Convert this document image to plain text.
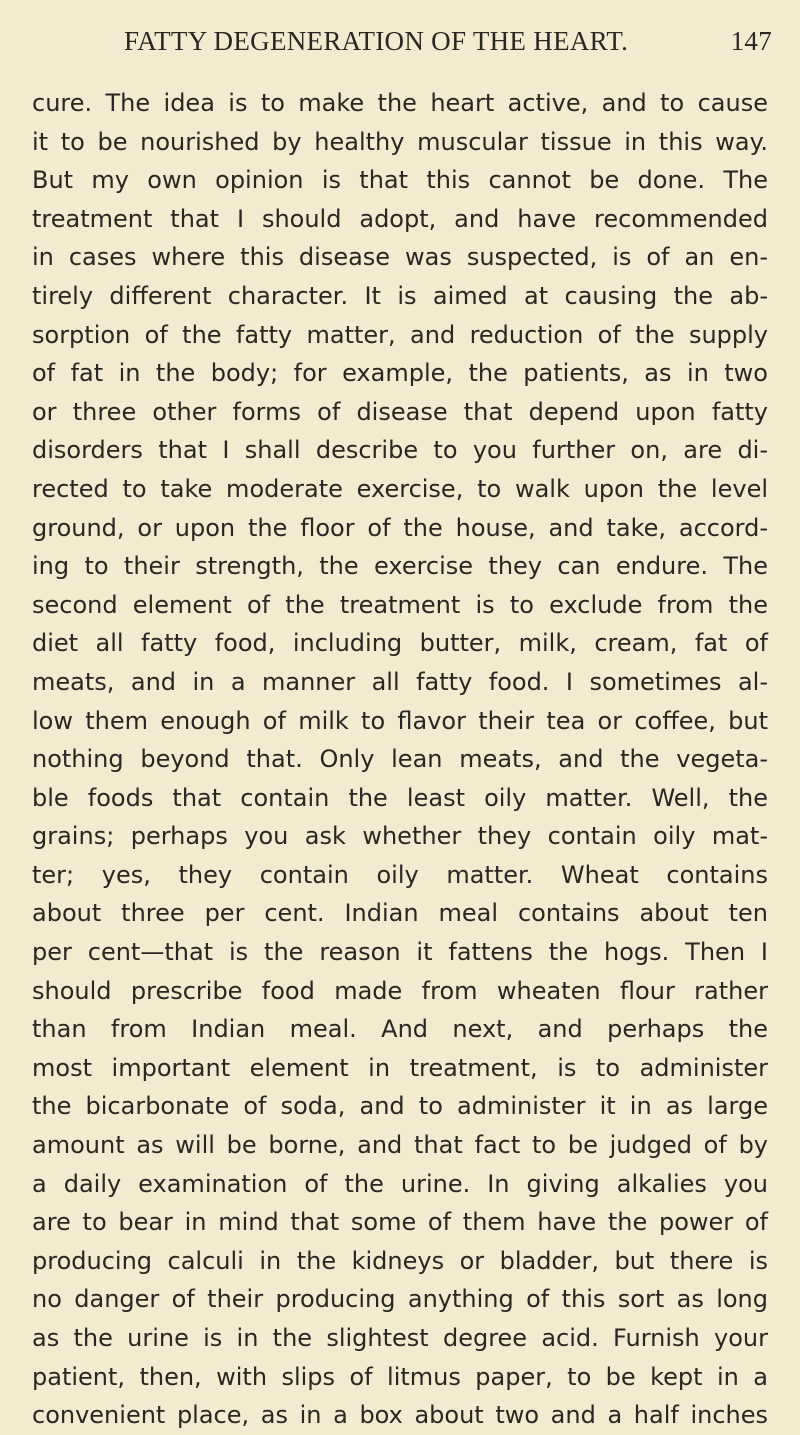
FATTY DEGENERATION OF THE HEART.	147
cure. The idea is to make the heart active, and to cause
it to be nourished by healthy muscular tissue in this way.
But my own opinion is that this cannot be done. The
treatment that I should adopt, and have recommended
in cases where this disease was suspected, is of an en-
tirely different character. It is aimed at causing the ab-
sorption of the fatty matter, and reduction of the supply
of fat in the body; for example, the patients, as in two
or three other forms of disease that depend upon fatty
disorders that I shall describe to you further on, are di-
rected to take moderate exercise, to walk upon the level
ground, or upon the floor of the house, and take, accord-
ing to their strength, the exercise they can endure. The
second element of the treatment is to exclude from the
diet all fatty food, including butter, milk, cream, fat of
meats, and in a manner all fatty food. I sometimes al-
low them enough of milk to flavor their tea or coffee, but
nothing beyond that. Only lean meats, and the vegeta-
ble foods that contain the least oily matter. Well, the
grains; perhaps you ask whether they contain oily mat-
ter; yes, they contain oily matter. Wheat contains
about three per cent. Indian meal contains about ten
per cent—that is the reason it fattens the hogs. Then I
should prescribe food made from wheaten flour rather
than from Indian meal. And next, and perhaps the
most important element in treatment, is to administer
the bicarbonate of soda, and to administer it in as large
amount as will be borne, and that fact to be judged of by
a daily examination of the urine. In giving alkalies you
are to bear in mind that some of them have the power of
producing calculi in the kidneys or bladder, but there is
no danger of their producing anything of this sort as long
as the urine is in the slightest degree acid. Furnish your
patient, then, with slips of litmus paper, to be kept in a
convenient place, as in a box about two and a half inches
